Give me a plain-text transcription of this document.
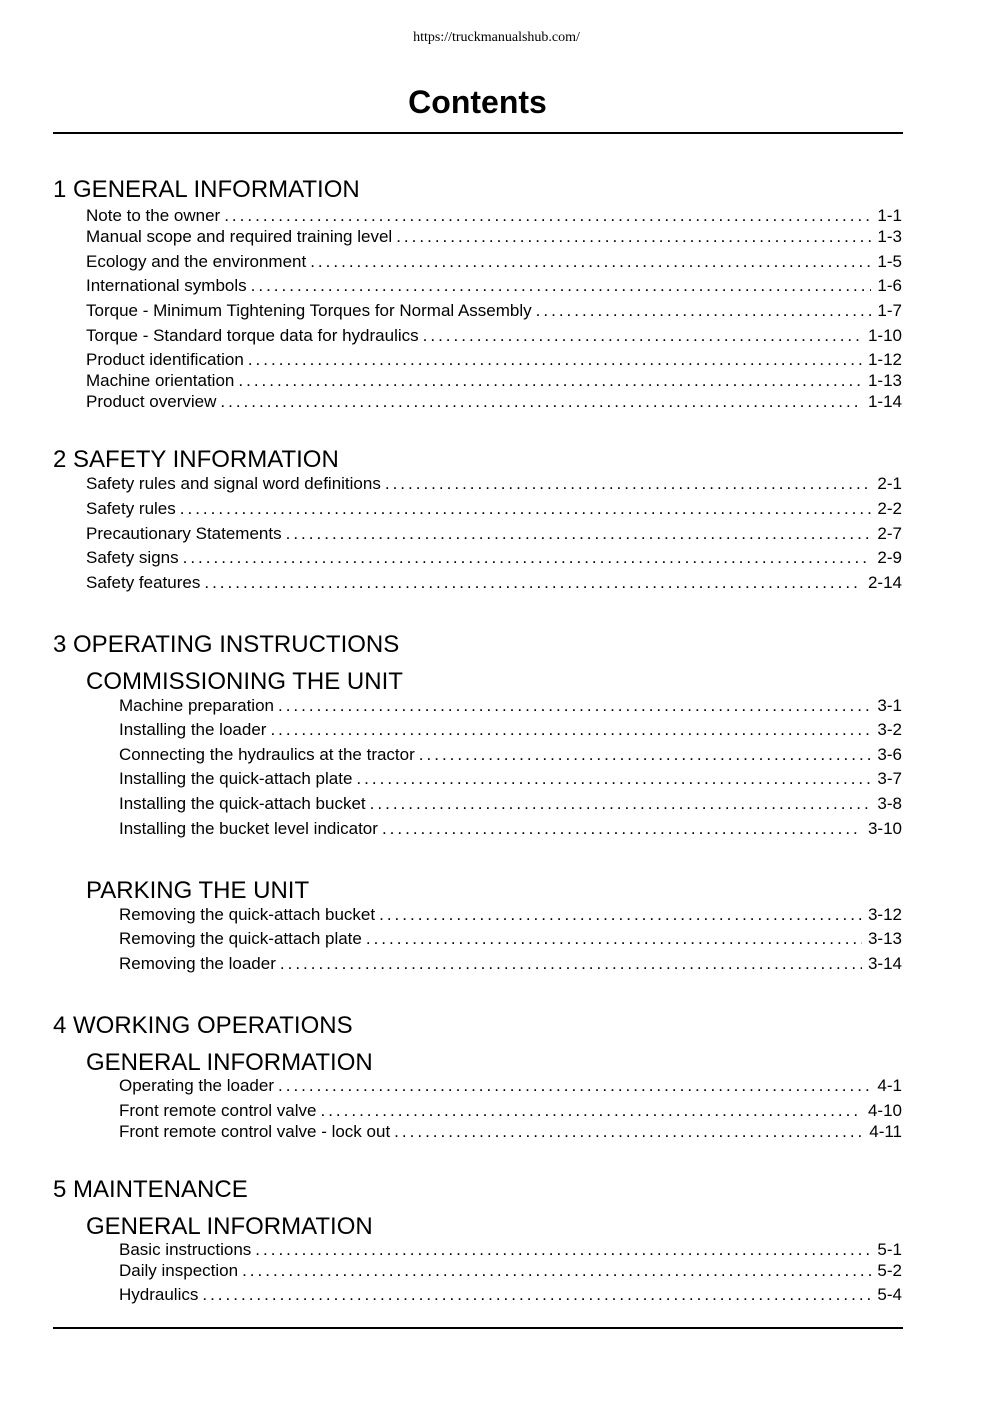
https://truckmanualshub.com/
Contents
1 GENERAL INFORMATION
Note to the owner .....	1-1
Manual scope and required training level .....	1-3
Ecology and the environment .....	1-5
International symbols .....	1-6
Torque - Minimum Tightening Torques for Normal Assembly .....	1-7
Torque - Standard torque data for hydraulics .....	1-10
Product identification .....	1-12
Machine orientation .....	1-13
Product overview .....	1-14
2 SAFETY INFORMATION
Safety rules and signal word definitions .....	2-1
Safety rules .....	2-2
Precautionary Statements .....	2-7
Safety signs .....	2-9
Safety features .....	2-14
3 OPERATING INSTRUCTIONS
COMMISSIONING THE UNIT
Machine preparation .....	3-1
Installing the loader .....	3-2
Connecting the hydraulics at the tractor .....	3-6
Installing the quick-attach plate .....	3-7
Installing the quick-attach bucket .....	3-8
Installing the bucket level indicator .....	3-10
PARKING THE UNIT
Removing the quick-attach bucket .....	3-12
Removing the quick-attach plate .....	3-13
Removing the loader .....	3-14
4 WORKING OPERATIONS
GENERAL INFORMATION
Operating the loader .....	4-1
Front remote control valve .....	4-10
Front remote control valve - lock out .....	4-11
5 MAINTENANCE
GENERAL INFORMATION
Basic instructions .....	5-1
Daily inspection .....	5-2
Hydraulics .....	5-4
